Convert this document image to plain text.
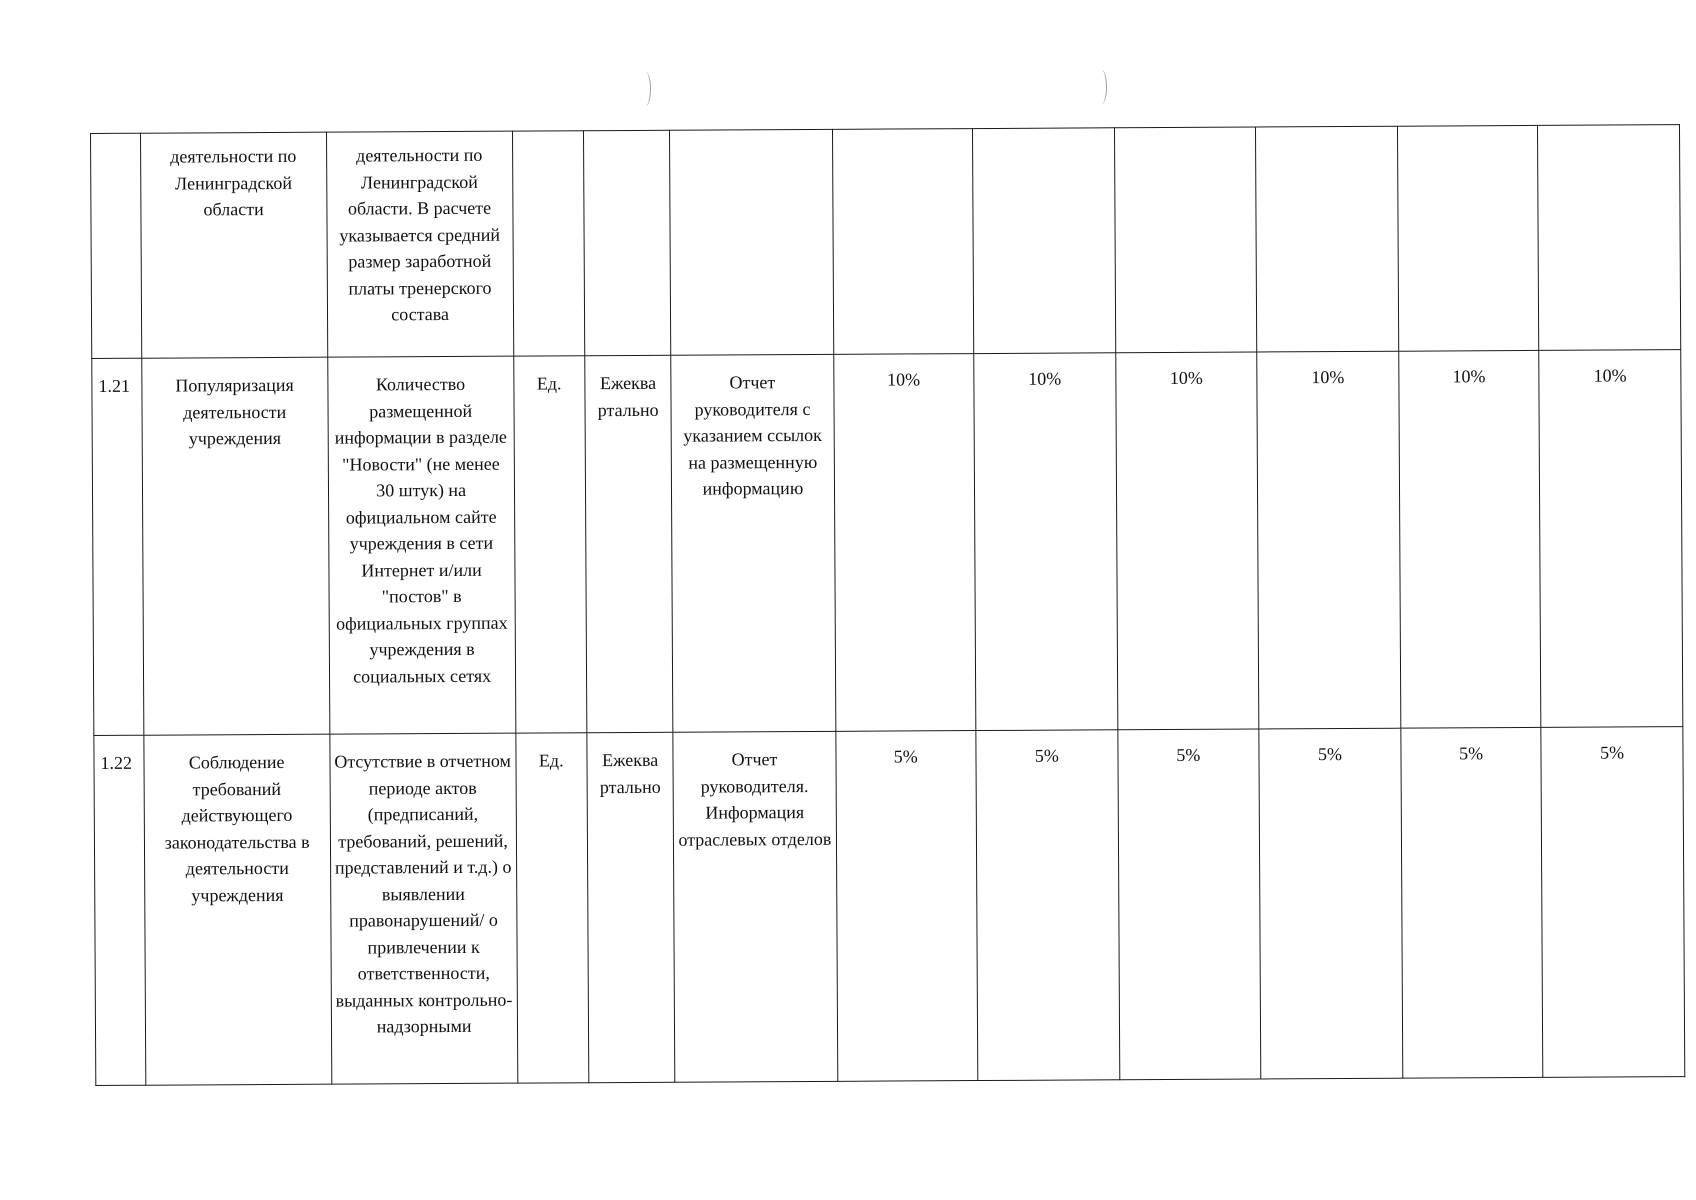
	деятельности по Ленинградской области	деятельности по Ленинградской области. В расчете указывается средний размер заработной платы тренерского состава									
1.21	Популяризация деятельности учреждения	Количество размещенной информации в разделе "Новости" (не менее 30 штук) на официальном сайте учреждения в сети Интернет и/или "постов" в официальных группах учреждения в социальных сетях	Ед.	Ежеква ртально	Отчет руководителя с указанием ссылок на размещенную информацию	10%	10%	10%	10%	10%	10%
1.22	Соблюдение требований действующего законодательства в деятельности учреждения	Отсутствие в отчетном периоде актов (предписаний, требований, решений, представлений и т.д.) о выявлении правонарушений/ о привлечении к ответственности, выданных контрольно-надзорными	Ед.	Ежеква ртально	Отчет руководителя. Информация отраслевых отделов	5%	5%	5%	5%	5%	5%
